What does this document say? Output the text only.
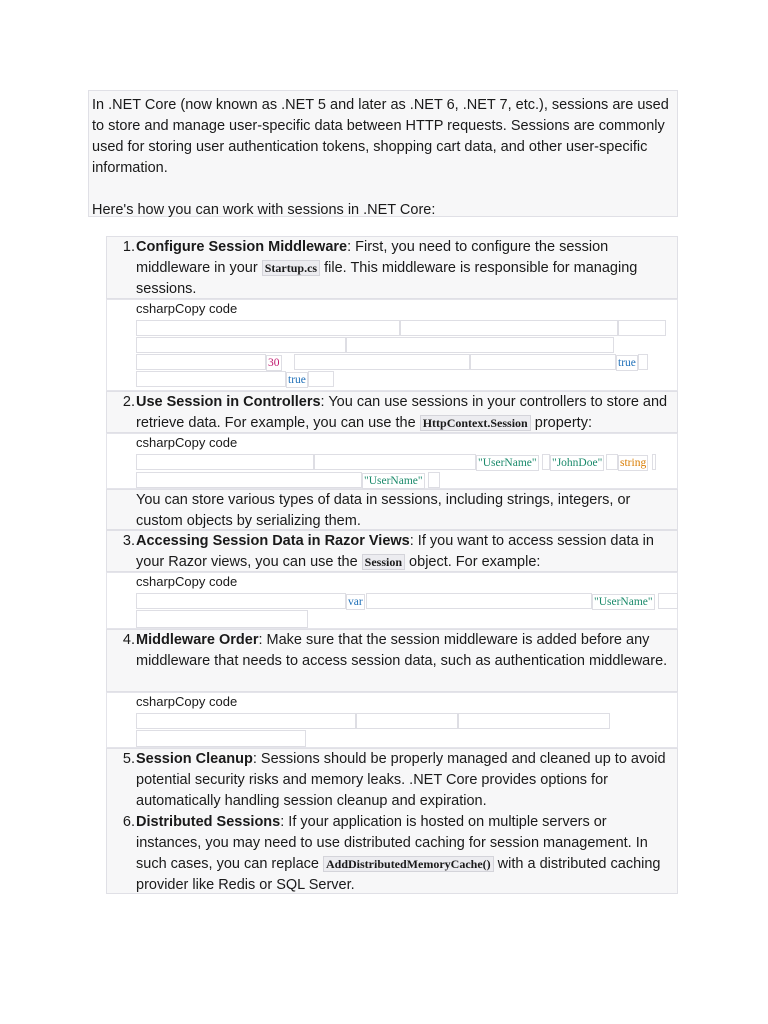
In .NET Core (now known as .NET 5 and later as .NET 6, .NET 7, etc.), sessions are used to store and manage user-specific data between HTTP requests. Sessions are commonly used for storing user authentication tokens, shopping cart data, and other user-specific information.

Here's how you can work with sessions in .NET Core:

1. Configure Session Middleware: First, you need to configure the session middleware in your Startup.cs file. This middleware is responsible for managing sessions.
csharpCopy code
30	true
true
2. Use Session in Controllers: You can use sessions in your controllers to store and retrieve data. For example, you can use the HttpContext.Session property:
csharpCopy code
"UserName" "JohnDoe" string
"UserName"
You can store various types of data in sessions, including strings, integers, or custom objects by serializing them.
3. Accessing Session Data in Razor Views: If you want to access session data in your Razor views, you can use the Session object. For example:
csharpCopy code
var	"UserName"
4. Middleware Order: Make sure that the session middleware is added before any middleware that needs to access session data, such as authentication middleware.
csharpCopy code
5. Session Cleanup: Sessions should be properly managed and cleaned up to avoid potential security risks and memory leaks. .NET Core provides options for automatically handling session cleanup and expiration.
6. Distributed Sessions: If your application is hosted on multiple servers or instances, you may need to use distributed caching for session management. In such cases, you can replace AddDistributedMemoryCache() with a distributed caching provider like Redis or SQL Server.
